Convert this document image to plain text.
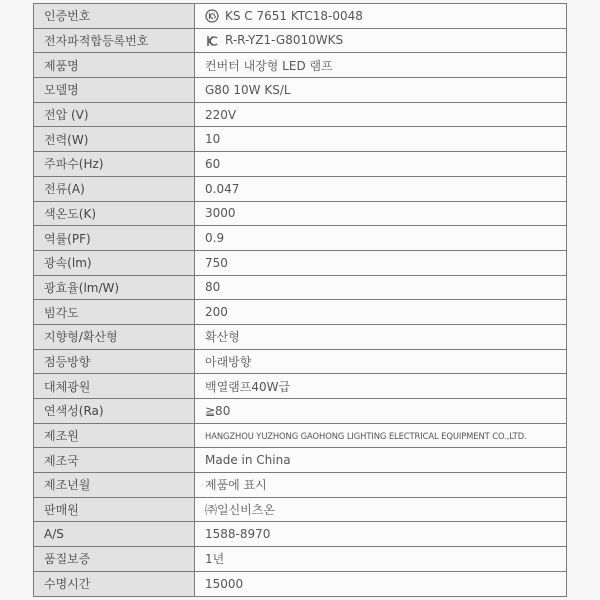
인증번호	KS C 7651 KTC18-0048
전자파적합등록번호	R-R-YZ1-G8010WKS
제품명	컨버터 내장형 LED 램프
모델명	G80 10W KS/L
전압 (V)	220V
전력(W)	10
주파수(Hz)	60
전류(A)	0.047
색온도(K)	3000
역률(PF)	0.9
광속(lm)	750
광효율(lm/W)	80
빔각도	200
지향형/확산형	확산형
점등방향	아래방향
대체광원	백열램프40W급
연색성(Ra)	≧80
제조원	HANGZHOU YUZHONG GAOHONG LIGHTING ELECTRICAL EQUIPMENT CO.,LTD.
제조국	Made in China
제조년월	제품에 표시
판매원	㈜일신비츠온
A/S	1588-8970
품질보증	1년
수명시간	15000
